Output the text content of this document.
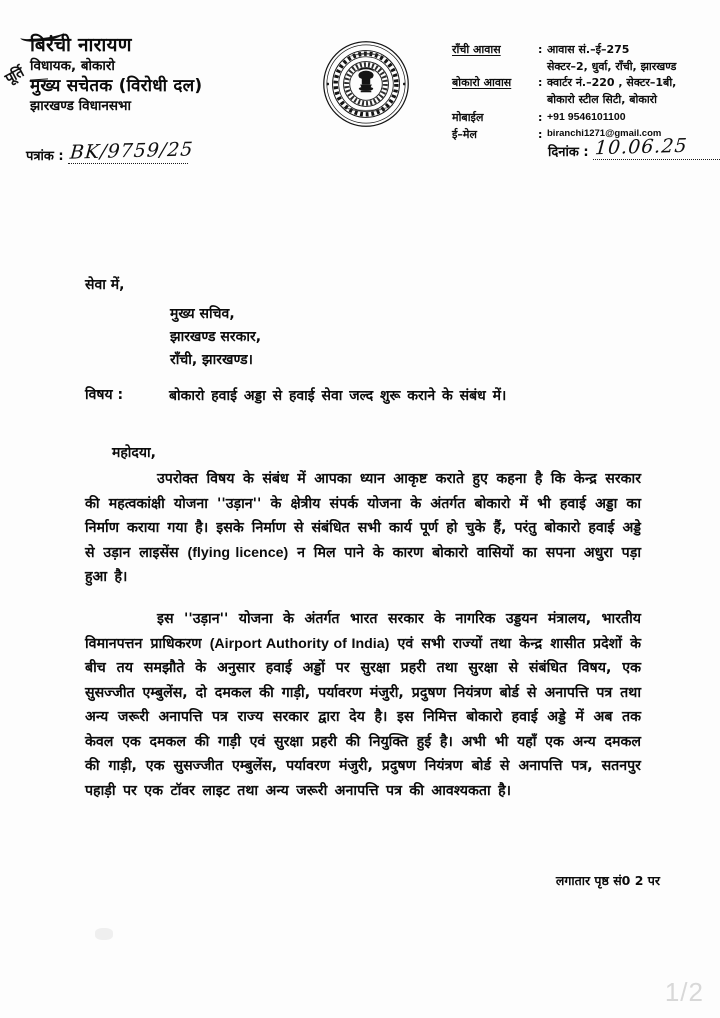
पूर्ति
बिरंची नारायण
विधायक, बोकारो
मुख्य सचेतक (विरोधी दल)
झारखण्ड विधानसभा
राँची आवास	: आवास सं.–ई–275
सेक्टर–2, धुर्वा, राँची, झारखण्ड
बोकारो आवास	: क्वार्टर नं.–220 , सेक्टर–1बी,
बोकारो स्टील सिटी, बोकारो
मोबाईल	: +91 9546101100
ई–मेल	: biranchi1271@gmail.com
पत्रांक : BK/9759/25	दिनांक : 10.06.25
सेवा में,
मुख्य सचिव,
झारखण्ड सरकार,
राँची, झारखण्ड।
विषय :	बोकारो हवाई अड्डा से हवाई सेवा जल्द शुरू कराने के संबंध में।
महोदया,
उपरोक्त विषय के संबंध में आपका ध्यान आकृष्ट कराते हुए कहना है कि केन्द्र सरकार की महत्वकांक्षी योजना ''उड़ान'' के क्षेत्रीय संपर्क योजना के अंतर्गत बोकारो में भी हवाई अड्डा का निर्माण कराया गया है। इसके निर्माण से संबंधित सभी कार्य पूर्ण हो चुके हैं, परंतु बोकारो हवाई अड्डे से उड़ान लाइसेंस (flying licence) न मिल पाने के कारण बोकारो वासियों का सपना अधुरा पड़ा हुआ है।
इस ''उड़ान'' योजना के अंतर्गत भारत सरकार के नागरिक उड्डयन मंत्रालय, भारतीय विमानपत्तन प्राधिकरण (Airport Authority of India) एवं सभी राज्यों तथा केन्द्र शासीत प्रदेशों के बीच तय समझौते के अनुसार हवाई अड्डों पर सुरक्षा प्रहरी तथा सुरक्षा से संबंधित विषय, एक सुसज्जीत एम्बुलेंस, दो दमकल की गाड़ी, पर्यावरण मंजुरी, प्रदुषण नियंत्रण बोर्ड से अनापत्ति पत्र तथा अन्य जरूरी अनापत्ति पत्र राज्य सरकार द्वारा देय है। इस निमित्त बोकारो हवाई अड्डे में अब तक केवल एक दमकल की गाड़ी एवं सुरक्षा प्रहरी की नियुक्ति हुई है। अभी भी यहाँ एक अन्य दमकल की गाड़ी, एक सुसज्जीत एम्बुलेंस, पर्यावरण मंजुरी, प्रदुषण नियंत्रण बोर्ड से अनापत्ति पत्र, सतनपुर पहाड़ी पर एक टॉवर लाइट तथा अन्य जरूरी अनापत्ति पत्र की आवश्यकता है।
लगातार पृष्ठ सं0 2 पर
1/2
